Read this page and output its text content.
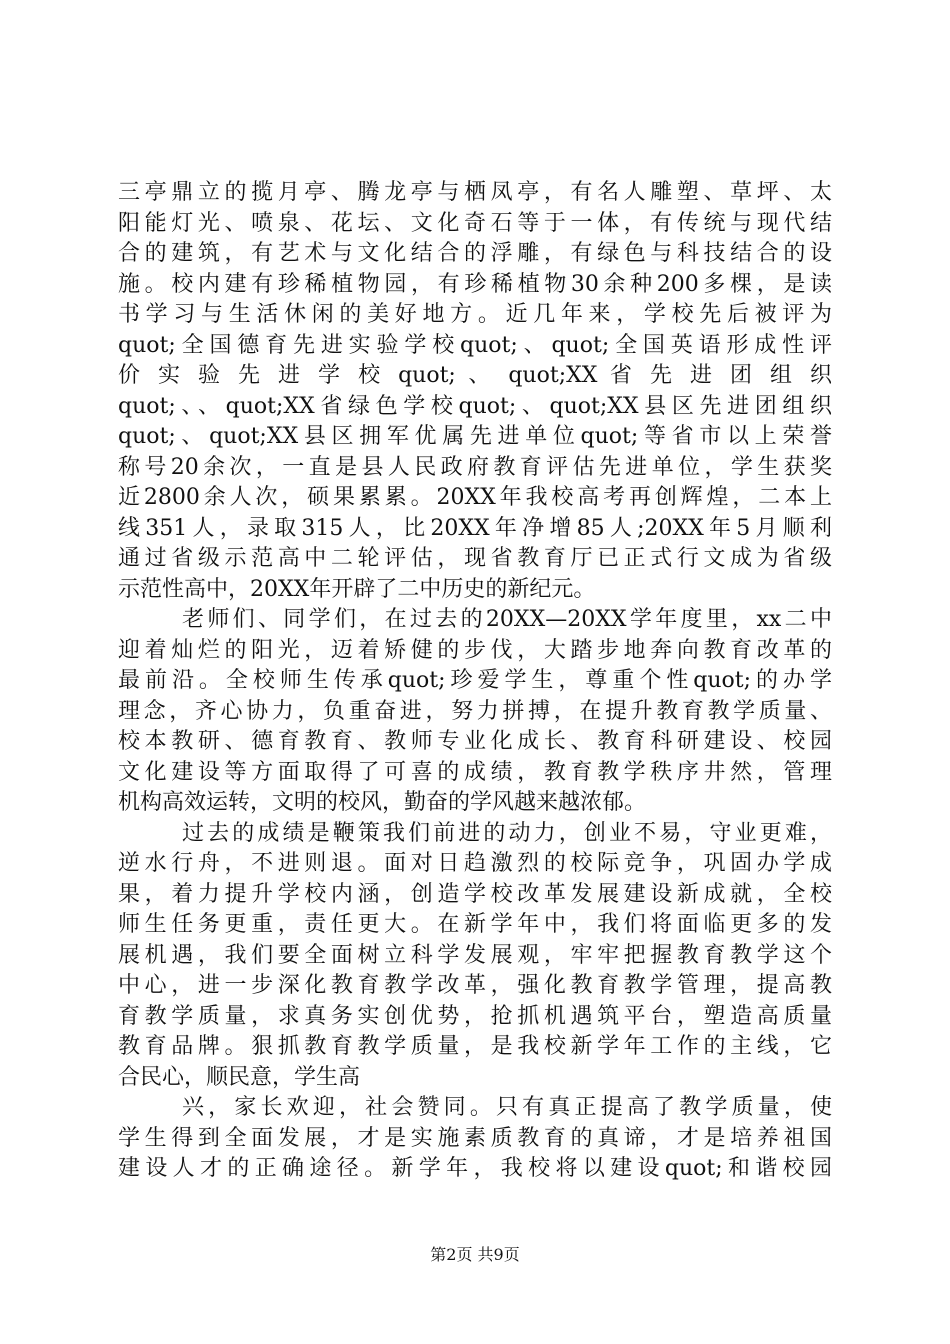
三亭鼎立的揽月亭、腾龙亭与栖凤亭，有名人雕塑、草坪、太
阳能灯光、喷泉、花坛、文化奇石等于一体，有传统与现代结
合的建筑，有艺术与文化结合的浮雕，有绿色与科技结合的设
施。校内建有珍稀植物园，有珍稀植物30余种200多棵，是读
书学习与生活休闲的美好地方。近几年来，学校先后被评为
quot;全国德育先进实验学校quot;、quot;全国英语形成性评
价 实 验 先 进 学 校 quot; 、 quot;XX 省 先 进 团 组 织
quot;、、quot;XX省绿色学校quot;、quot;XX县区先进团组织
quot;、quot;XX县区拥军优属先进单位quot;等省市以上荣誉
称号20余次，一直是县人民政府教育评估先进单位，学生获奖
近2800余人次，硕果累累。20XX年我校高考再创辉煌，二本上
线351人，录取315人，比20XX年净增85人;20XX年5月顺利
通过省级示范高中二轮评估，现省教育厅已正式行文成为省级
示范性高中，20XX年开辟了二中历史的新纪元。
老师们、同学们，在过去的20XX—20XX学年度里，xx二中
迎着灿烂的阳光，迈着矫健的步伐，大踏步地奔向教育改革的
最前沿。全校师生传承quot;珍爱学生，尊重个性quot;的办学
理念，齐心协力，负重奋进，努力拼搏，在提升教育教学质量、
校本教研、德育教育、教师专业化成长、教育科研建设、校园
文化建设等方面取得了可喜的成绩，教育教学秩序井然，管理
机构高效运转，文明的校风，勤奋的学风越来越浓郁。
过去的成绩是鞭策我们前进的动力，创业不易，守业更难，
逆水行舟，不进则退。面对日趋激烈的校际竞争，巩固办学成
果，着力提升学校内涵，创造学校改革发展建设新成就，全校
师生任务更重，责任更大。在新学年中，我们将面临更多的发
展机遇，我们要全面树立科学发展观，牢牢把握教育教学这个
中心，进一步深化教育教学改革，强化教育教学管理，提高教
育教学质量，求真务实创优势，抢抓机遇筑平台，塑造高质量
教育品牌。狠抓教育教学质量，是我校新学年工作的主线，它
合民心，顺民意，学生高
兴，家长欢迎，社会赞同。只有真正提高了教学质量，使
学生得到全面发展，才是实施素质教育的真谛，才是培养祖国
建设人才的正确途径。新学年，我校将以建设quot;和谐校园
第2页 共9页
